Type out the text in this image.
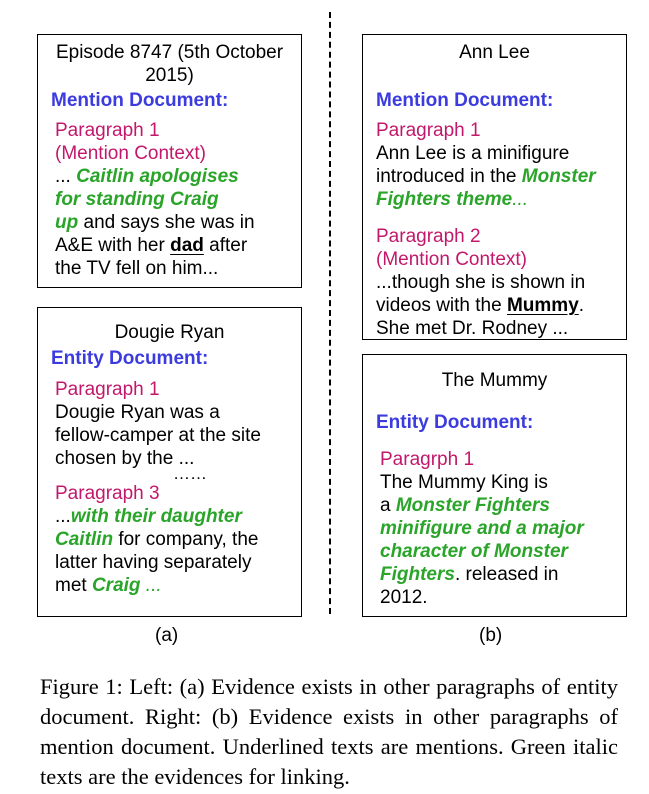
Episode 8747 (5th October 2015)
Mention Document:
Paragraph 1
(Mention Context)
... Caitlin apologises
for standing Craig
up and says she was in
A&E with her dad after
the TV fell on him...
Dougie Ryan
Entity Document:
Paragraph 1
Dougie Ryan was a
fellow-camper at the site
chosen by the ...
……
Paragraph 3
...with their daughter
Caitlin for company, the
latter having separately
met Craig ...
Ann Lee
Mention Document:
Paragraph 1
Ann Lee is a minifigure
introduced in the Monster
Fighters theme...
Paragraph 2
(Mention Context)
...though she is shown in
videos with the Mummy.
She met Dr. Rodney ...
The Mummy
Entity Document:
Paragrph 1
The Mummy King is
a Monster Fighters
minifigure and a major
character of Monster
Fighters. released in
2012.
(a)	(b)
Figure 1: Left: (a) Evidence exists in other paragraphs of entity document. Right: (b) Evidence exists in other paragraphs of mention document. Underlined texts are mentions. Green italic texts are the evidences for linking.
